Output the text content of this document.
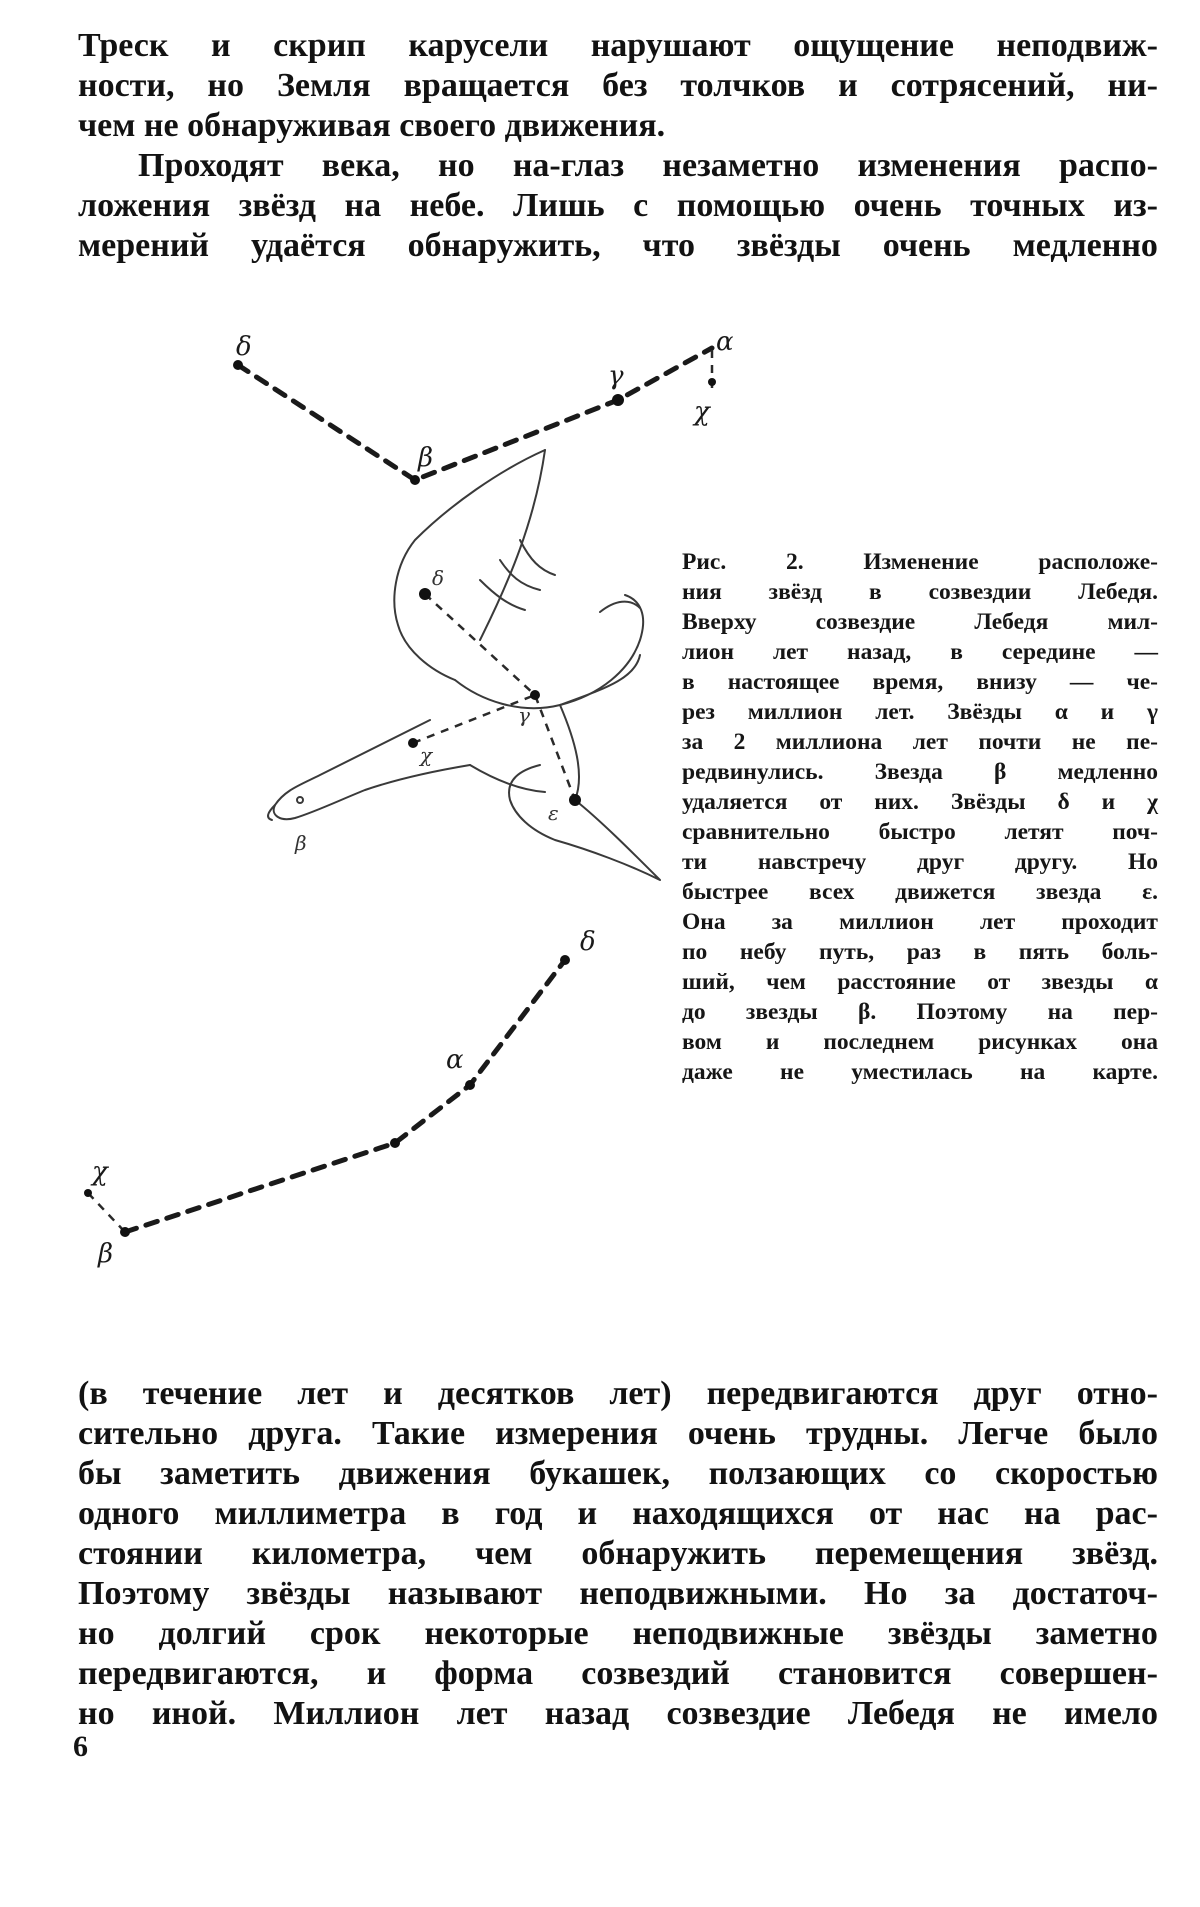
Треск и скрип карусели нарушают ощущение неподвиж-
ности, но Земля вращается без толчков и сотрясений, ни-
чем не обнаруживая своего движения.
Проходят века, но на-глаз незаметно изменения распо-
ложения звёзд на небе. Лишь с помощью очень точных из-
мерений удаётся обнаружить, что звёзды очень медленно
δ
β
γ
α
χ
δ
γ
χ
ε
β
δ
α
χ
β
Рис.	2.	Изменение	расположе-
ния звёзд в созвездии Лебедя.
Вверху	созвездие	Лебедя	мил-
лион лет назад, в середине —
в настоящее время, внизу — че-
рез миллион лет. Звёзды α и γ
за 2 миллиона лет почти не пе-
редвинулись. Звезда β медленно
удаляется от них. Звёзды δ и χ
сравнительно быстро летят поч-
ти навстречу друг другу. Но
быстрее всех движется звезда ε.
Она за миллион лет проходит
по небу путь, раз в пять боль-
ший, чем расстояние от звезды α
до звезды β. Поэтому на пер-
вом и последнем рисунках она
даже не уместилась на карте.
(в течение лет и десятков лет) передвигаются друг отно-
сительно друга. Такие измерения очень трудны. Легче было
бы заметить движения букашек, ползающих со скоростью
одного миллиметра в год и находящихся от нас на рас-
стоянии километра, чем обнаружить перемещения звёзд.
Поэтому звёзды называют неподвижными. Но за достаточ-
но долгий срок некоторые неподвижные звёзды заметно
передвигаются, и форма созвездий становится совершен-
но иной. Миллион лет назад созвездие Лебедя не имело
6
